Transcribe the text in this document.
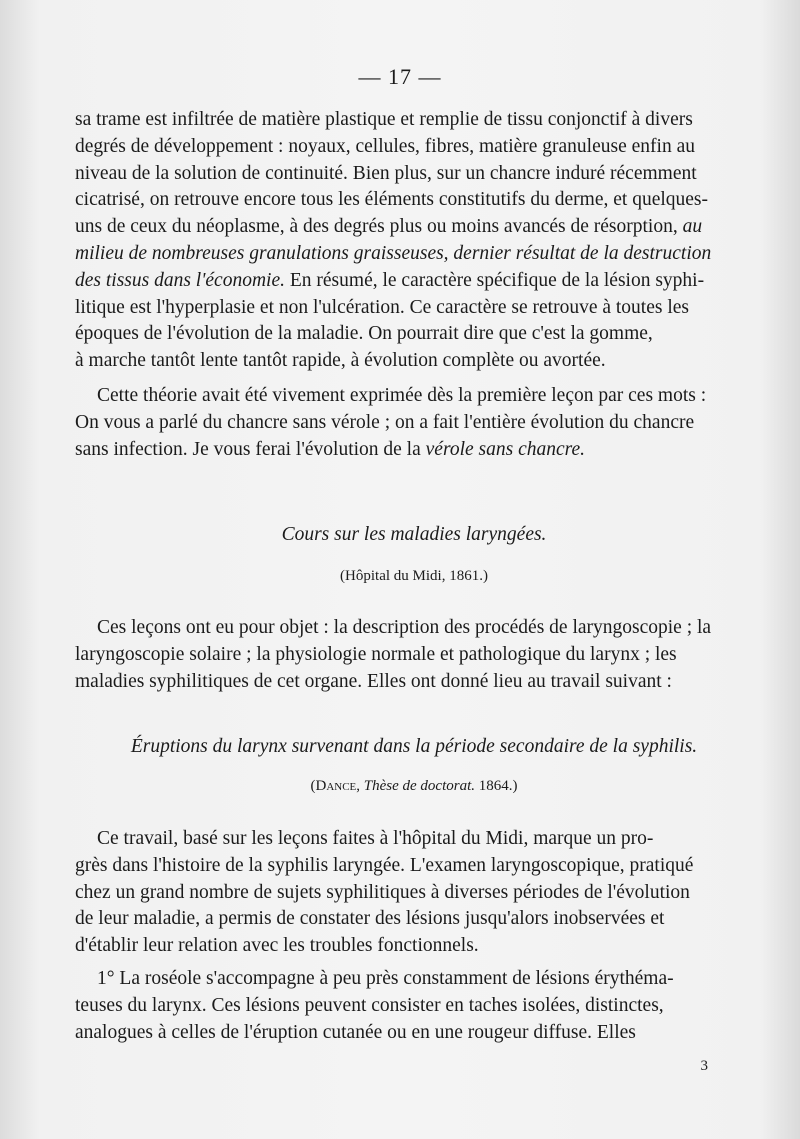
— 17 —

sa trame est infiltrée de matière plastique et remplie de tissu conjonctif à divers
degrés de développement : noyaux, cellules, fibres, matière granuleuse enfin au
niveau de la solution de continuité. Bien plus, sur un chancre induré récemment
cicatrisé, on retrouve encore tous les éléments constitutifs du derme, et quelques-
uns de ceux du néoplasme, à des degrés plus ou moins avancés de résorption, au
milieu de nombreuses granulations graisseuses, dernier résultat de la destruction
des tissus dans l'économie. En résumé, le caractère spécifique de la lésion syphi-
litique est l'hyperplasie et non l'ulcération. Ce caractère se retrouve à toutes les
époques de l'évolution de la maladie. On pourrait dire que c'est la gomme,
à marche tantôt lente tantôt rapide, à évolution complète ou avortée.

Cette théorie avait été vivement exprimée dès la première leçon par ces mots :
On vous a parlé du chancre sans vérole ; on a fait l'entière évolution du chancre
sans infection. Je vous ferai l'évolution de la vérole sans chancre.

Cours sur les maladies laryngées.
(Hôpital du Midi, 1861.)

Ces leçons ont eu pour objet : la description des procédés de laryngoscopie ; la
laryngoscopie solaire ; la physiologie normale et pathologique du larynx ; les
maladies syphilitiques de cet organe. Elles ont donné lieu au travail suivant :

Éruptions du larynx survenant dans la période secondaire de la syphilis.
(Dance, Thèse de doctorat. 1864.)

Ce travail, basé sur les leçons faites à l'hôpital du Midi, marque un pro-
grès dans l'histoire de la syphilis laryngée. L'examen laryngoscopique, pratiqué
chez un grand nombre de sujets syphilitiques à diverses périodes de l'évolution
de leur maladie, a permis de constater des lésions jusqu'alors inobservées et
d'établir leur relation avec les troubles fonctionnels.

1° La roséole s'accompagne à peu près constamment de lésions érythéma-
teuses du larynx. Ces lésions peuvent consister en taches isolées, distinctes,
analogues à celles de l'éruption cutanée ou en une rougeur diffuse. Elles

3
